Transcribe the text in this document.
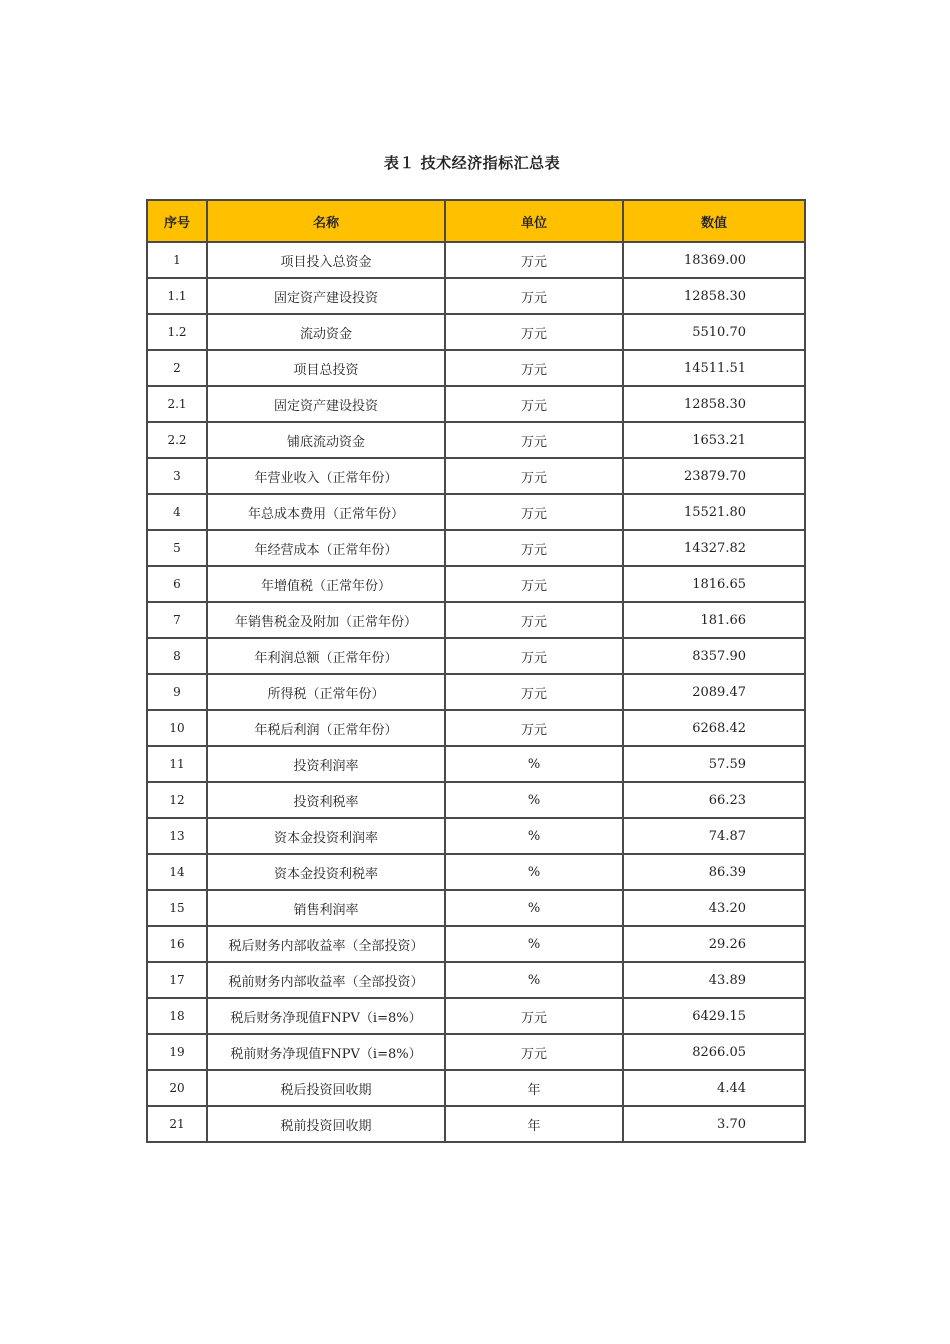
表１ 技术经济指标汇总表
序号	名称	单位	数值
1	项目投入总资金	万元	18369.00
1.1	固定资产建设投资	万元	12858.30
1.2	流动资金	万元	5510.70
2	项目总投资	万元	14511.51
2.1	固定资产建设投资	万元	12858.30
2.2	铺底流动资金	万元	1653.21
3	年营业收入（正常年份）	万元	23879.70
4	年总成本费用（正常年份）	万元	15521.80
5	年经营成本（正常年份）	万元	14327.82
6	年增值税（正常年份）	万元	1816.65
7	年销售税金及附加（正常年份）	万元	181.66
8	年利润总额（正常年份）	万元	8357.90
9	所得税（正常年份）	万元	2089.47
10	年税后利润（正常年份）	万元	6268.42
11	投资利润率	%	57.59
12	投资利税率	%	66.23
13	资本金投资利润率	%	74.87
14	资本金投资利税率	%	86.39
15	销售利润率	%	43.20
16	税后财务内部收益率（全部投资）	%	29.26
17	税前财务内部收益率（全部投资）	%	43.89
18	税后财务净现值FNPV（i=8%）	万元	6429.15
19	税前财务净现值FNPV（i=8%）	万元	8266.05
20	税后投资回收期	年	4.44
21	税前投资回收期	年	3.70
